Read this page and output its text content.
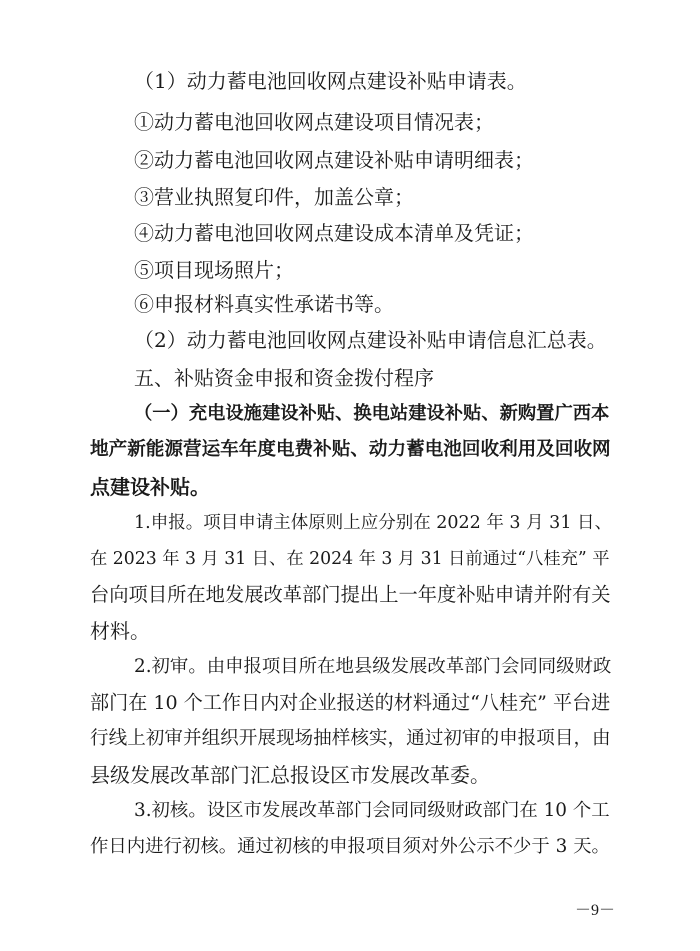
（1）动力蓄电池回收网点建设补贴申请表。
①动力蓄电池回收网点建设项目情况表；
②动力蓄电池回收网点建设补贴申请明细表；
③营业执照复印件，加盖公章；
④动力蓄电池回收网点建设成本清单及凭证；
⑤项目现场照片；
⑥申报材料真实性承诺书等。
（2）动力蓄电池回收网点建设补贴申请信息汇总表。
五、补贴资金申报和资金拨付程序
（一）充电设施建设补贴、换电站建设补贴、新购置广西本
地产新能源营运车年度电费补贴、动力蓄电池回收利用及回收网
点建设补贴。
1.申报。项目申请主体原则上应分别在 2022 年 3 月 31 日、
在 2023 年 3 月 31 日、在 2024 年 3 月 31 日前通过“八桂充” 平
台向项目所在地发展改革部门提出上一年度补贴申请并附有关
材料。
2.初审。由申报项目所在地县级发展改革部门会同同级财政
部门在 10 个工作日内对企业报送的材料通过“八桂充” 平台进
行线上初审并组织开展现场抽样核实，通过初审的申报项目，由
县级发展改革部门汇总报设区市发展改革委。
3.初核。设区市发展改革部门会同同级财政部门在 10 个工
作日内进行初核。通过初核的申报项目须对外公示不少于 3 天。
－9－
